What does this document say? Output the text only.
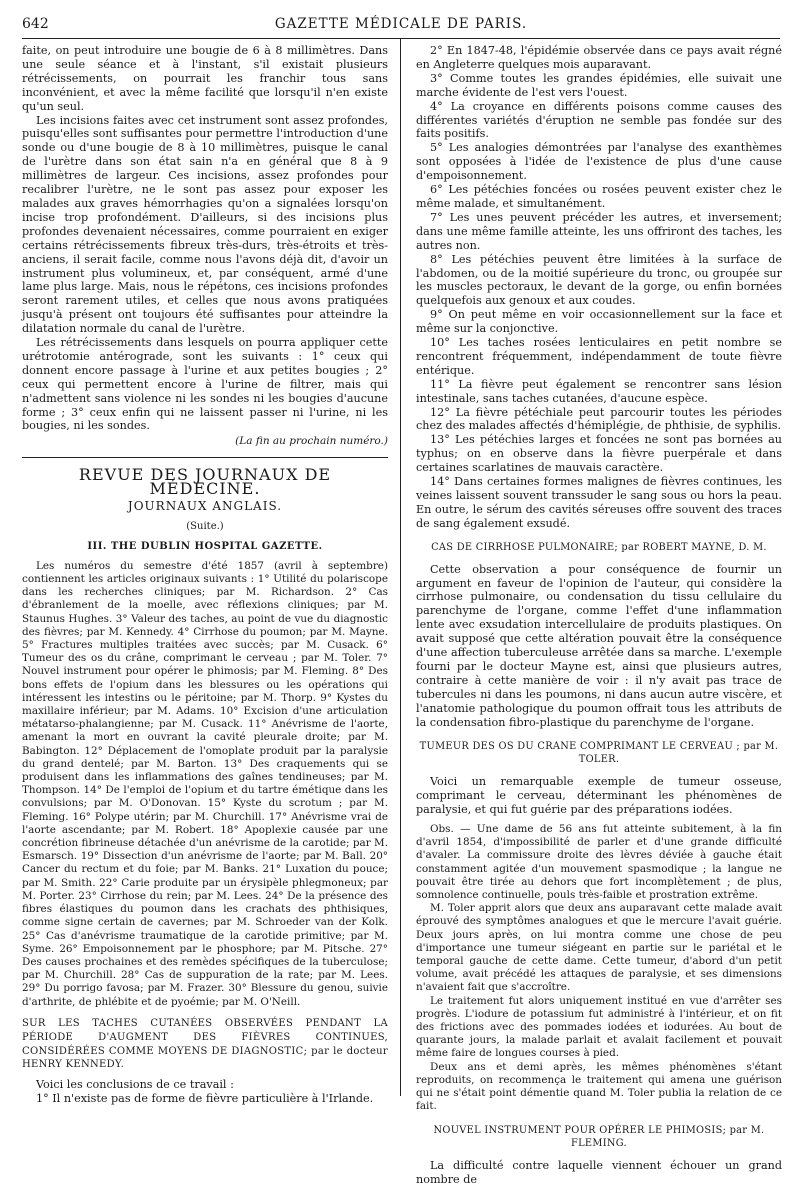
642	GAZETTE MÉDICALE DE PARIS.

faite, on peut introduire une bougie de 6 à 8 millimètres. Dans une seule séance et à l'instant, s'il existait plusieurs rétrécissements, on pourrait les franchir tous sans inconvénient, et avec la même facilité que lorsqu'il n'en existe qu'un seul.

Les incisions faites avec cet instrument sont assez profondes, puisqu'elles sont suffisantes pour permettre l'introduction d'une sonde ou d'une bougie de 8 à 10 millimètres, puisque le canal de l'urètre dans son état sain n'a en général que 8 à 9 millimètres de largeur. Ces incisions, assez profondes pour recalibrer l'urètre, ne le sont pas assez pour exposer les malades aux graves hémorrhagies qu'on a signalées lorsqu'on incise trop profondément. D'ailleurs, si des incisions plus profondes devenaient nécessaires, comme pourraient en exiger certains rétrécissements fibreux très-durs, très-étroits et très-anciens, il serait facile, comme nous l'avons déjà dit, d'avoir un instrument plus volumineux, et, par conséquent, armé d'une lame plus large. Mais, nous le répétons, ces incisions profondes seront rarement utiles, et celles que nous avons pratiquées jusqu'à présent ont toujours été suffisantes pour atteindre la dilatation normale du canal de l'urètre.

Les rétrécissements dans lesquels on pourra appliquer cette urétrotomie antérograde, sont les suivants : 1° ceux qui donnent encore passage à l'urine et aux petites bougies ; 2° ceux qui permettent encore à l'urine de filtrer, mais qui n'admettent sans violence ni les sondes ni les bougies d'aucune forme ; 3° ceux enfin qui ne laissent passer ni l'urine, ni les bougies, ni les sondes.

(La fin au prochain numéro.)
REVUE DES JOURNAUX DE MÉDECINE.
JOURNAUX ANGLAIS.
(Suite.)
III. THE DUBLIN HOSPITAL GAZETTE.

Les numéros du semestre d'été 1857 (avril à septembre) contiennent les articles originaux suivants : 1° Utilité du polariscope dans les recherches cliniques; par M. Richardson. 2° Cas d'ébranlement de la moelle, avec réflexions cliniques; par M. Staunus Hughes. 3° Valeur des taches, au point de vue du diagnostic des fièvres; par M. Kennedy. 4° Cirrhose du poumon; par M. Mayne. 5° Fractures multiples traitées avec succès; par M. Cusack. 6° Tumeur des os du crâne, comprimant le cerveau ; par M. Toler. 7° Nouvel instrument pour opérer le phimosis; par M. Fleming. 8° Des bons effets de l'opium dans les blessures ou les opérations qui intéressent les intestins ou le péritoine; par M. Thorp. 9° Kystes du maxillaire inférieur; par M. Adams. 10° Excision d'une articulation métatarso-phalangienne; par M. Cusack. 11° Anévrisme de l'aorte, amenant la mort en ouvrant la cavité pleurale droite; par M. Babington. 12° Déplacement de l'omoplate produit par la paralysie du grand dentelé; par M. Barton. 13° Des craquements qui se produisent dans les inflammations des gaînes tendineuses; par M. Thompson. 14° De l'emploi de l'opium et du tartre émétique dans les convulsions; par M. O'Donovan. 15° Kyste du scrotum ; par M. Fleming. 16° Polype utérin; par M. Churchill. 17° Anévrisme vrai de l'aorte ascendante; par M. Robert. 18° Apoplexie causée par une concrétion fibrineuse détachée d'un anévrisme de la carotide; par M. Esmarsch. 19° Dissection d'un anévrisme de l'aorte; par M. Ball. 20° Cancer du rectum et du foie; par M. Banks. 21° Luxation du pouce; par M. Smith. 22° Carie produite par un érysipèle phlegmoneux; par M. Porter. 23° Cirrhose du rein; par M. Lees. 24° De la présence des fibres élastiques du poumon dans les crachats des phthisiques, comme signe certain de cavernes; par M. Schroeder van der Kolk. 25° Cas d'anévrisme traumatique de la carotide primitive; par M. Syme. 26° Empoisonnement par le phosphore; par M. Pitsche. 27° Des causes prochaines et des remèdes spécifiques de la tuberculose; par M. Churchill. 28° Cas de suppuration de la rate; par M. Lees. 29° Du porrigo favosa; par M. Frazer. 30° Blessure du genou, suivie d'arthrite, de phlébite et de pyoémie; par M. O'Neill.

SUR LES TACHES CUTANÉES OBSERVÉES PENDANT LA PÉRIODE D'AUGMENT DES FIÈVRES CONTINUES, CONSIDÉRÉES COMME MOYENS DE DIAGNOSTIC; par le docteur HENRY KENNEDY.

Voici les conclusions de ce travail :

1° Il n'existe pas de forme de fièvre particulière à l'Irlande.

2° En 1847-48, l'épidémie observée dans ce pays avait régné en Angleterre quelques mois auparavant.

3° Comme toutes les grandes épidémies, elle suivait une marche évidente de l'est vers l'ouest.

4° La croyance en différents poisons comme causes des différentes variétés d'éruption ne semble pas fondée sur des faits positifs.

5° Les analogies démontrées par l'analyse des exanthèmes sont opposées à l'idée de l'existence de plus d'une cause d'empoisonnement.

6° Les pétéchies foncées ou rosées peuvent exister chez le même malade, et simultanément.

7° Les unes peuvent précéder les autres, et inversement; dans une même famille atteinte, les uns offriront des taches, les autres non.

8° Les pétéchies peuvent être limitées à la surface de l'abdomen, ou de la moitié supérieure du tronc, ou groupée sur les muscles pectoraux, le devant de la gorge, ou enfin bornées quelquefois aux genoux et aux coudes.

9° On peut même en voir occasionnellement sur la face et même sur la conjonctive.

10° Les taches rosées lenticulaires en petit nombre se rencontrent fréquemment, indépendamment de toute fièvre entérique.

11° La fièvre peut également se rencontrer sans lésion intestinale, sans taches cutanées, d'aucune espèce.

12° La fièvre pétéchiale peut parcourir toutes les périodes chez des malades affectés d'hémiplégie, de phthisie, de syphilis.

13° Les pétéchies larges et foncées ne sont pas bornées au typhus; on en observe dans la fièvre puerpérale et dans certaines scarlatines de mauvais caractère.

14° Dans certaines formes malignes de fièvres continues, les veines laissent souvent transsuder le sang sous ou hors la peau. En outre, le sérum des cavités séreuses offre souvent des traces de sang également exsudé.

CAS DE CIRRHOSE PULMONAIRE; par ROBERT MAYNE, D. M.

Cette observation a pour conséquence de fournir un argument en faveur de l'opinion de l'auteur, qui considère la cirrhose pulmonaire, ou condensation du tissu cellulaire du parenchyme de l'organe, comme l'effet d'une inflammation lente avec exsudation intercellulaire de produits plastiques. On avait supposé que cette altération pouvait être la conséquence d'une affection tuberculeuse arrêtée dans sa marche. L'exemple fourni par le docteur Mayne est, ainsi que plusieurs autres, contraire à cette manière de voir : il n'y avait pas trace de tubercules ni dans les poumons, ni dans aucun autre viscère, et l'anatomie pathologique du poumon offrait tous les attributs de la condensation fibro-plastique du parenchyme de l'organe.

TUMEUR DES OS DU CRANE COMPRIMANT LE CERVEAU ; par M. TOLER.

Voici un remarquable exemple de tumeur osseuse, comprimant le cerveau, déterminant les phénomènes de paralysie, et qui fut guérie par des préparations iodées.

Obs. — Une dame de 56 ans fut atteinte subitement, à la fin d'avril 1854, d'impossibilité de parler et d'une grande difficulté d'avaler. La commissure droite des lèvres déviée à gauche était constamment agitée d'un mouvement spasmodique ; la langue ne pouvait être tirée au dehors que fort incomplètement ; de plus, somnolence continuelle, pouls très-faible et prostration extrême.

M. Toler apprit alors que deux ans auparavant cette malade avait éprouvé des symptômes analogues et que le mercure l'avait guérie. Deux jours après, on lui montra comme une chose de peu d'importance une tumeur siégeant en partie sur le pariétal et le temporal gauche de cette dame. Cette tumeur, d'abord d'un petit volume, avait précédé les attaques de paralysie, et ses dimensions n'avaient fait que s'accroître.

Le traitement fut alors uniquement institué en vue d'arrêter ses progrès. L'iodure de potassium fut administré à l'intérieur, et on fit des frictions avec des pommades iodées et iodurées. Au bout de quarante jours, la malade parlait et avalait facilement et pouvait même faire de longues courses à pied.

Deux ans et demi après, les mêmes phénomènes s'étant reproduits, on recommença le traitement qui amena une guérison qui ne s'était point démentie quand M. Toler publia la relation de ce fait.

NOUVEL INSTRUMENT POUR OPÉRER LE PHIMOSIS; par M. FLEMING.

La difficulté contre laquelle viennent échouer un grand nombre de
